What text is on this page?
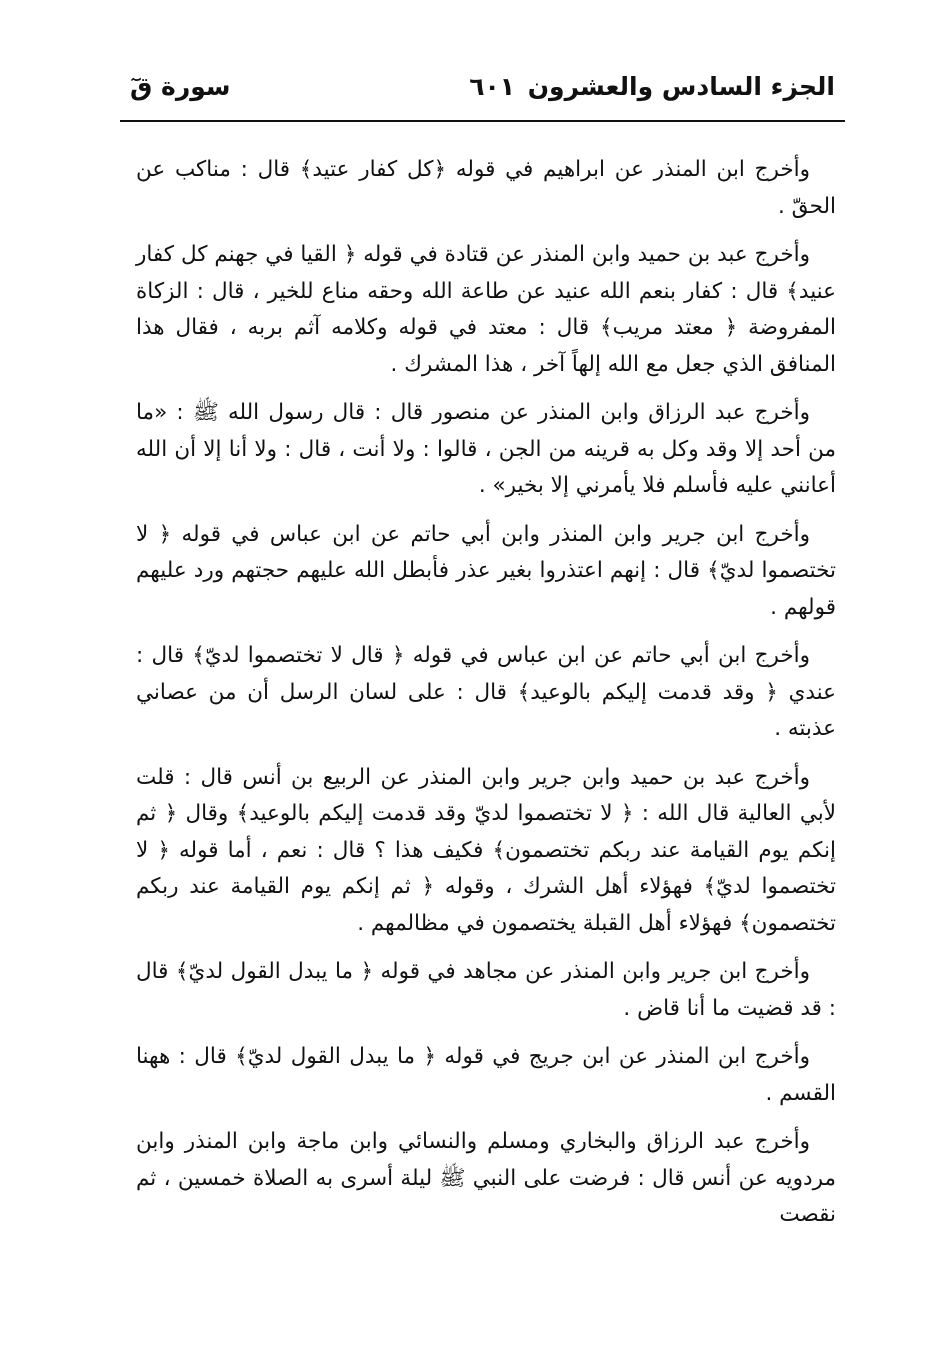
الجزء السادس والعشرون
٦٠١
سورة قٓ

وأخرج ابن المنذر عن ابراهيم في قوله ﴿كل كفار عتيد﴾ قال : مناكب عن الحقّ .

وأخرج عبد بن حميد وابن المنذر عن قتادة في قوله ﴿ القيا في جهنم كل كفار عنيد﴾ قال : كفار بنعم الله عنيد عن طاعة الله وحقه مناع للخير ، قال : الزكاة المفروضة ﴿ معتد مريب﴾ قال : معتد في قوله وكلامه آثم بربه ، فقال هذا المنافق الذي جعل مع الله إلهاً آخر ، هذا المشرك .

وأخرج عبد الرزاق وابن المنذر عن منصور قال : قال رسول الله ﷺ : «ما من أحد إلا وقد وكل به قرينه من الجن ، قالوا : ولا أنت ، قال : ولا أنا إلا أن الله أعانني عليه فأسلم فلا يأمرني إلا بخير» .

وأخرج ابن جرير وابن المنذر وابن أبي حاتم عن ابن عباس في قوله ﴿ لا تختصموا لديّ﴾ قال : إنهم اعتذروا بغير عذر فأبطل الله عليهم حجتهم ورد عليهم قولهم .

وأخرج ابن أبي حاتم عن ابن عباس في قوله ﴿ قال لا تختصموا لديّ﴾ قال : عندي ﴿ وقد قدمت إليكم بالوعيد﴾ قال : على لسان الرسل أن من عصاني عذبته .

وأخرج عبد بن حميد وابن جرير وابن المنذر عن الربيع بن أنس قال : قلت لأبي العالية قال الله : ﴿ لا تختصموا لديّ وقد قدمت إليكم بالوعيد﴾ وقال ﴿ ثم إنكم يوم القيامة عند ربكم تختصمون﴾ فكيف هذا ؟ قال : نعم ، أما قوله ﴿ لا تختصموا لديّ﴾ فهؤلاء أهل الشرك ، وقوله ﴿ ثم إنكم يوم القيامة عند ربكم تختصمون﴾ فهؤلاء أهل القبلة يختصمون في مظالمهم .

وأخرج ابن جرير وابن المنذر عن مجاهد في قوله ﴿ ما يبدل القول لديّ﴾ قال : قد قضيت ما أنا قاض .

وأخرج ابن المنذر عن ابن جريج في قوله ﴿ ما يبدل القول لديّ﴾ قال : ههنا القسم .

وأخرج عبد الرزاق والبخاري ومسلم والنسائي وابن ماجة وابن المنذر وابن مردويه عن أنس قال : فرضت على النبي ﷺ ليلة أسرى به الصلاة خمسين ، ثم نقصت
